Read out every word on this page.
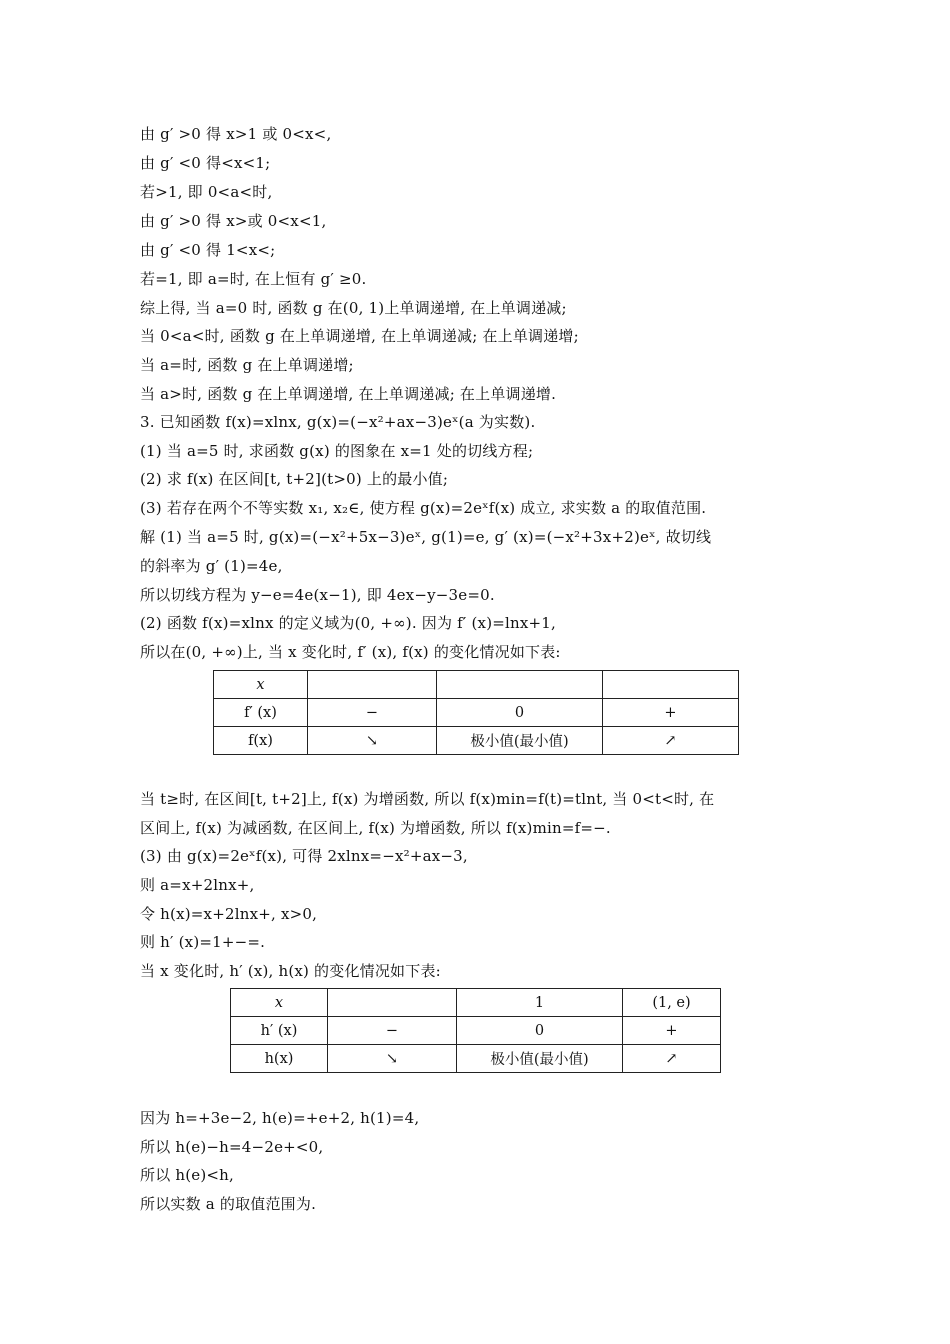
由 g′ >0 得 x>1 或 0<x<,
由 g′ <0 得<x<1;
若>1, 即 0<a<时,
由 g′ >0 得 x>或 0<x<1,
由 g′ <0 得 1<x<;
若=1, 即 a=时, 在上恒有 g′ ≥0.
综上得, 当 a=0 时, 函数 g 在(0, 1)上单调递增, 在上单调递减;
当 0<a<时, 函数 g 在上单调递增, 在上单调递减; 在上单调递增;
当 a=时, 函数 g 在上单调递增;
当 a>时, 函数 g 在上单调递增, 在上单调递减; 在上单调递增.
3. 已知函数 f(x)=xlnx, g(x)=(−x²+ax−3)eˣ(a 为实数).
(1) 当 a=5 时, 求函数 g(x) 的图象在 x=1 处的切线方程;
(2) 求 f(x) 在区间[t, t+2](t>0) 上的最小值;
(3) 若存在两个不等实数 x₁, x₂∈, 使方程 g(x)=2eˣf(x) 成立, 求实数 a 的取值范围.
解 (1) 当 a=5 时, g(x)=(−x²+5x−3)eˣ, g(1)=e, g′ (x)=(−x²+3x+2)eˣ, 故切线
的斜率为 g′ (1)=4e,
所以切线方程为 y−e=4e(x−1), 即 4ex−y−3e=0.
(2) 函数 f(x)=xlnx 的定义域为(0, +∞). 因为 f′ (x)=lnx+1,
所以在(0, +∞)上, 当 x 变化时, f′ (x), f(x) 的变化情况如下表:
x			
f′ (x)	−	0	+
f(x)	↘	极小值(最小值)	↗
当 t≥时, 在区间[t, t+2]上, f(x) 为增函数, 所以 f(x)min=f(t)=tlnt, 当 0<t<时, 在
区间上, f(x) 为减函数, 在区间上, f(x) 为增函数, 所以 f(x)min=f=−.
(3) 由 g(x)=2eˣf(x), 可得 2xlnx=−x²+ax−3,
则 a=x+2lnx+,
令 h(x)=x+2lnx+, x>0,
则 h′ (x)=1+−=.
当 x 变化时, h′ (x), h(x) 的变化情况如下表:
x		1	(1, e)
h′ (x)	−	0	+
h(x)	↘	极小值(最小值)	↗
因为 h=+3e−2, h(e)=+e+2, h(1)=4,
所以 h(e)−h=4−2e+<0,
所以 h(e)<h,
所以实数 a 的取值范围为.
